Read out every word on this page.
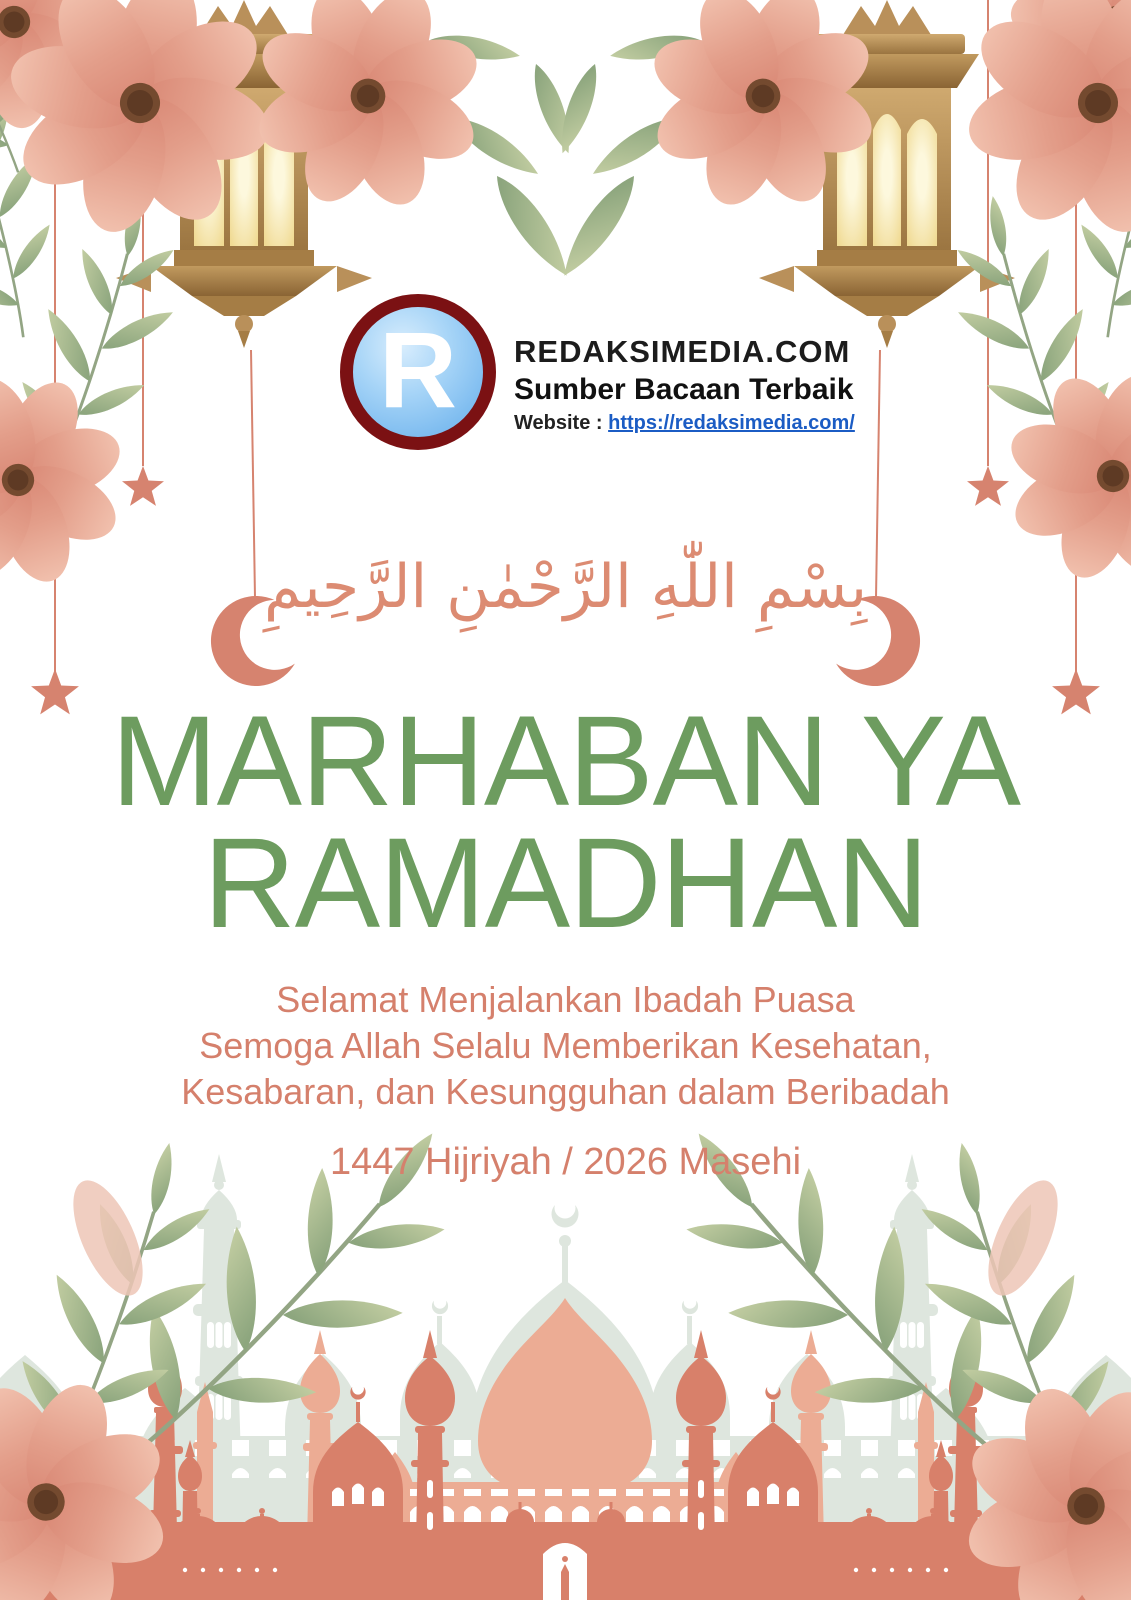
R REDAKSIMEDIA.COM
Sumber Bacaan Terbaik
Website : https://redaksimedia.com/
بِسْمِ اللّٰهِ الرَّحْمٰنِ الرَّحِيمِ
MARHABAN YA
RAMADHAN
Selamat Menjalankan Ibadah Puasa
Semoga Allah Selalu Memberikan Kesehatan,
Kesabaran, dan Kesungguhan dalam Beribadah
1447 Hijriyah / 2026 Masehi
